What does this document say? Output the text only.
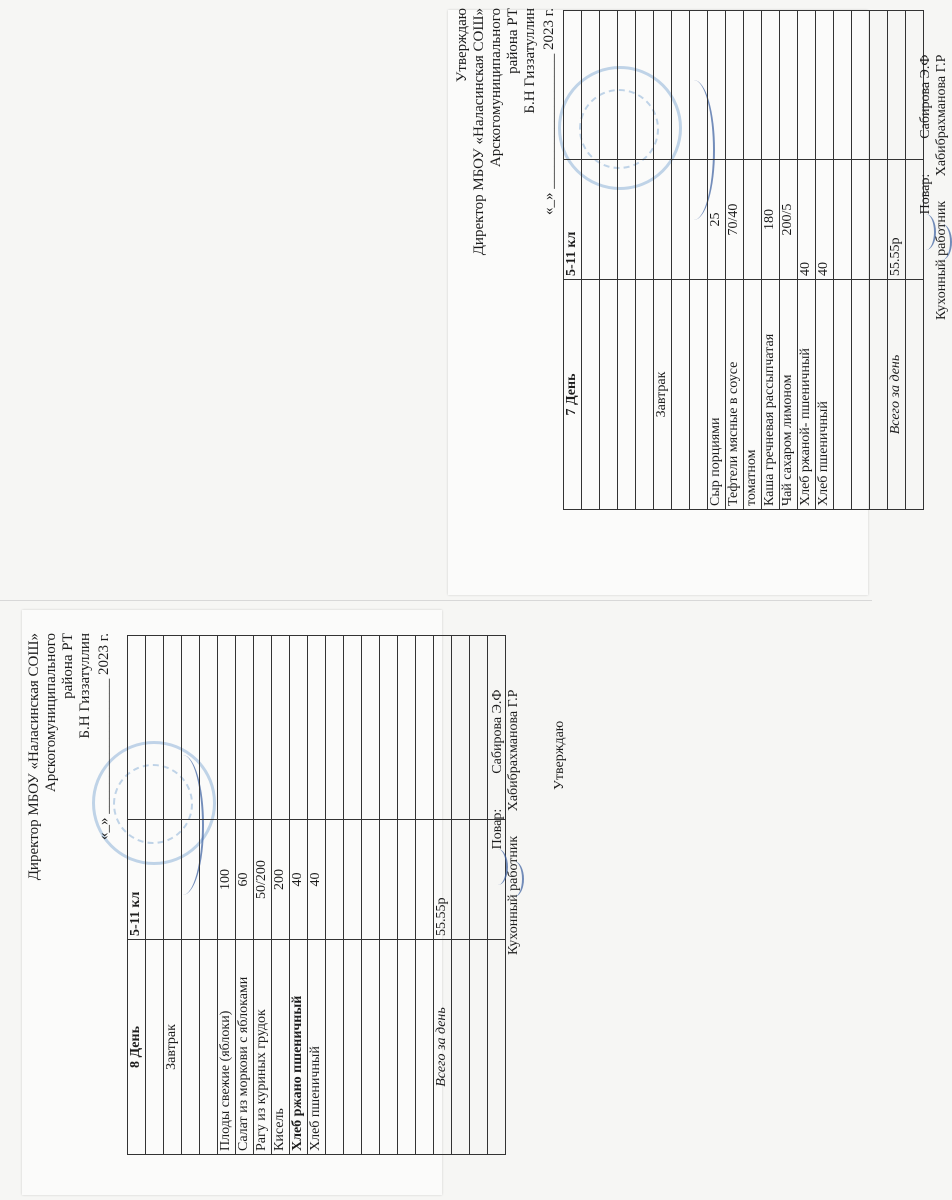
Утверждаю Директор МБОУ «Наласинская СОШ» Арскогомуниципального района РТ Б.Н Гиззатуллин
«_» __________________ 2023 г.
7 День	5-11 кл	

Завтрак		

Сыр порциями	25	
Тефтели мясные в соусе	70/40	
томатном		
Каша гречневая рассыпчатая	180	
Чай сахаром лимоном	200/5	
Хлеб ржаной- пшеничный	40	
Хлеб пшеничный	40	

Всего за день	55.55р	

Повар:          Сабирова Э.Ф
Кухонный работник       Хабибрахманова Г.Р
Директор МБОУ «Наласинская СОШ» Арскогомуниципального района РТ Б.Н Гиззатуллин
«_» __________________ 2023 г.
8 День	5-11 кл	

Завтрак		

Плоды свежие (яблоки)	100	
Салат из моркови с яблоками	60	
Рагу из куриных грудок	50/200	
Кисель	200	
Хлеб ржано пшеничный	40	
Хлеб пшеничный	40	

Всего за день	55.55р	

Повар:          Сабирова Э.Ф
Кухонный работник       Хабибрахманова Г.Р Утверждаю
